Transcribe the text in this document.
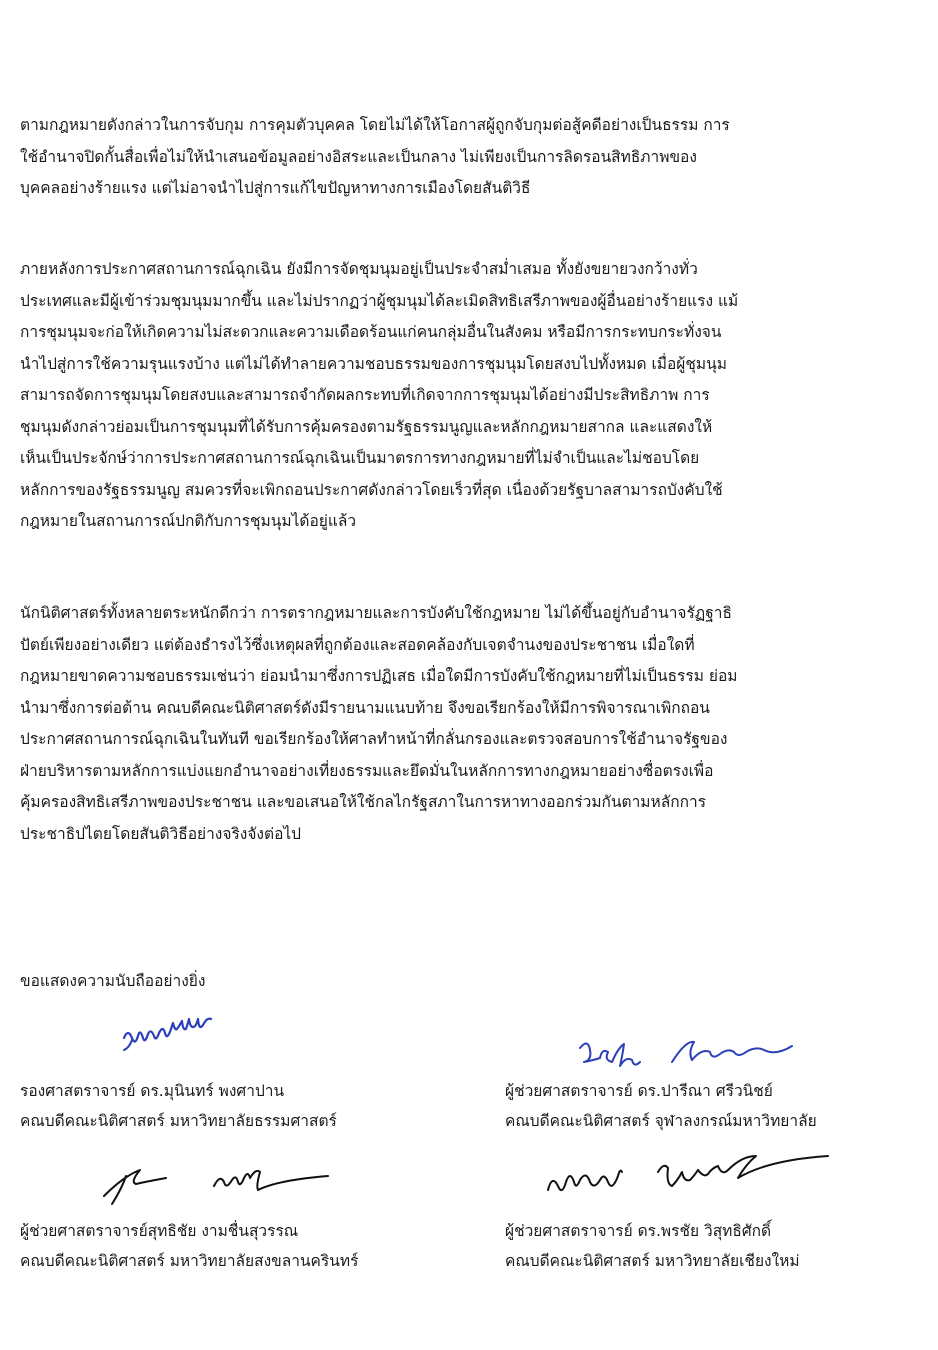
ตามกฎหมายดังกล่าวในการจับกุม การคุมตัวบุคคล โดยไม่ได้ให้โอกาสผู้ถูกจับกุมต่อสู้คดีอย่างเป็นธรรม การ
ใช้อำนาจปิดกั้นสื่อเพื่อไม่ให้นำเสนอข้อมูลอย่างอิสระและเป็นกลาง ไม่เพียงเป็นการลิดรอนสิทธิภาพของ
บุคคลอย่างร้ายแรง แต่ไม่อาจนำไปสู่การแก้ไขปัญหาทางการเมืองโดยสันติวิธี
ภายหลังการประกาศสถานการณ์ฉุกเฉิน ยังมีการจัดชุมนุมอยู่เป็นประจำสม่ำเสมอ ทั้งยังขยายวงกว้างทั่ว
ประเทศและมีผู้เข้าร่วมชุมนุมมากขึ้น และไม่ปรากฏว่าผู้ชุมนุมได้ละเมิดสิทธิเสรีภาพของผู้อื่นอย่างร้ายแรง แม้
การชุมนุมจะก่อให้เกิดความไม่สะดวกและความเดือดร้อนแก่คนกลุ่มอื่นในสังคม หรือมีการกระทบกระทั่งจน
นำไปสู่การใช้ความรุนแรงบ้าง แต่ไม่ได้ทำลายความชอบธรรมของการชุมนุมโดยสงบไปทั้งหมด เมื่อผู้ชุมนุม
สามารถจัดการชุมนุมโดยสงบและสามารถจำกัดผลกระทบที่เกิดจากการชุมนุมได้อย่างมีประสิทธิภาพ การ
ชุมนุมดังกล่าวย่อมเป็นการชุมนุมที่ได้รับการคุ้มครองตามรัฐธรรมนูญและหลักกฎหมายสากล และแสดงให้
เห็นเป็นประจักษ์ว่าการประกาศสถานการณ์ฉุกเฉินเป็นมาตรการทางกฎหมายที่ไม่จำเป็นและไม่ชอบโดย
หลักการของรัฐธรรมนูญ สมควรที่จะเพิกถอนประกาศดังกล่าวโดยเร็วที่สุด เนื่องด้วยรัฐบาลสามารถบังคับใช้
กฎหมายในสถานการณ์ปกติกับการชุมนุมได้อยู่แล้ว
นักนิติศาสตร์ทั้งหลายตระหนักดีกว่า การตรากฎหมายและการบังคับใช้กฎหมาย ไม่ได้ขึ้นอยู่กับอำนาจรัฏฐาธิ
ปัตย์เพียงอย่างเดียว แต่ต้องธำรงไว้ซึ่งเหตุผลที่ถูกต้องและสอดคล้องกับเจตจำนงของประชาชน เมื่อใดที่
กฎหมายขาดความชอบธรรมเช่นว่า ย่อมนำมาซึ่งการปฏิเสธ เมื่อใดมีการบังคับใช้กฎหมายที่ไม่เป็นธรรม ย่อม
นำมาซึ่งการต่อต้าน คณบดีคณะนิติศาสตร์ดังมีรายนามแนบท้าย จึงขอเรียกร้องให้มีการพิจารณาเพิกถอน
ประกาศสถานการณ์ฉุกเฉินในทันที ขอเรียกร้องให้ศาลทำหน้าที่กลั่นกรองและตรวจสอบการใช้อำนาจรัฐของ
ฝ่ายบริหารตามหลักการแบ่งแยกอำนาจอย่างเที่ยงธรรมและยึดมั่นในหลักการทางกฎหมายอย่างซื่อตรงเพื่อ
คุ้มครองสิทธิเสรีภาพของประชาชน และขอเสนอให้ใช้กลไกรัฐสภาในการหาทางออกร่วมกันตามหลักการ
ประชาธิปไตยโดยสันติวิธีอย่างจริงจังต่อไป
ขอแสดงความนับถืออย่างยิ่ง
รองศาสตราจารย์ ดร.มุนินทร์ พงศาปาน
คณบดีคณะนิติศาสตร์ มหาวิทยาลัยธรรมศาสตร์
ผู้ช่วยศาสตราจารย์ ดร.ปารีณา ศรีวนิชย์
คณบดีคณะนิติศาสตร์ จุฬาลงกรณ์มหาวิทยาลัย
ผู้ช่วยศาสตราจารย์สุทธิชัย งามชื่นสุวรรณ
คณบดีคณะนิติศาสตร์ มหาวิทยาลัยสงขลานครินทร์
ผู้ช่วยศาสตราจารย์ ดร.พรชัย วิสุทธิศักดิ์
คณบดีคณะนิติศาสตร์ มหาวิทยาลัยเชียงใหม่
